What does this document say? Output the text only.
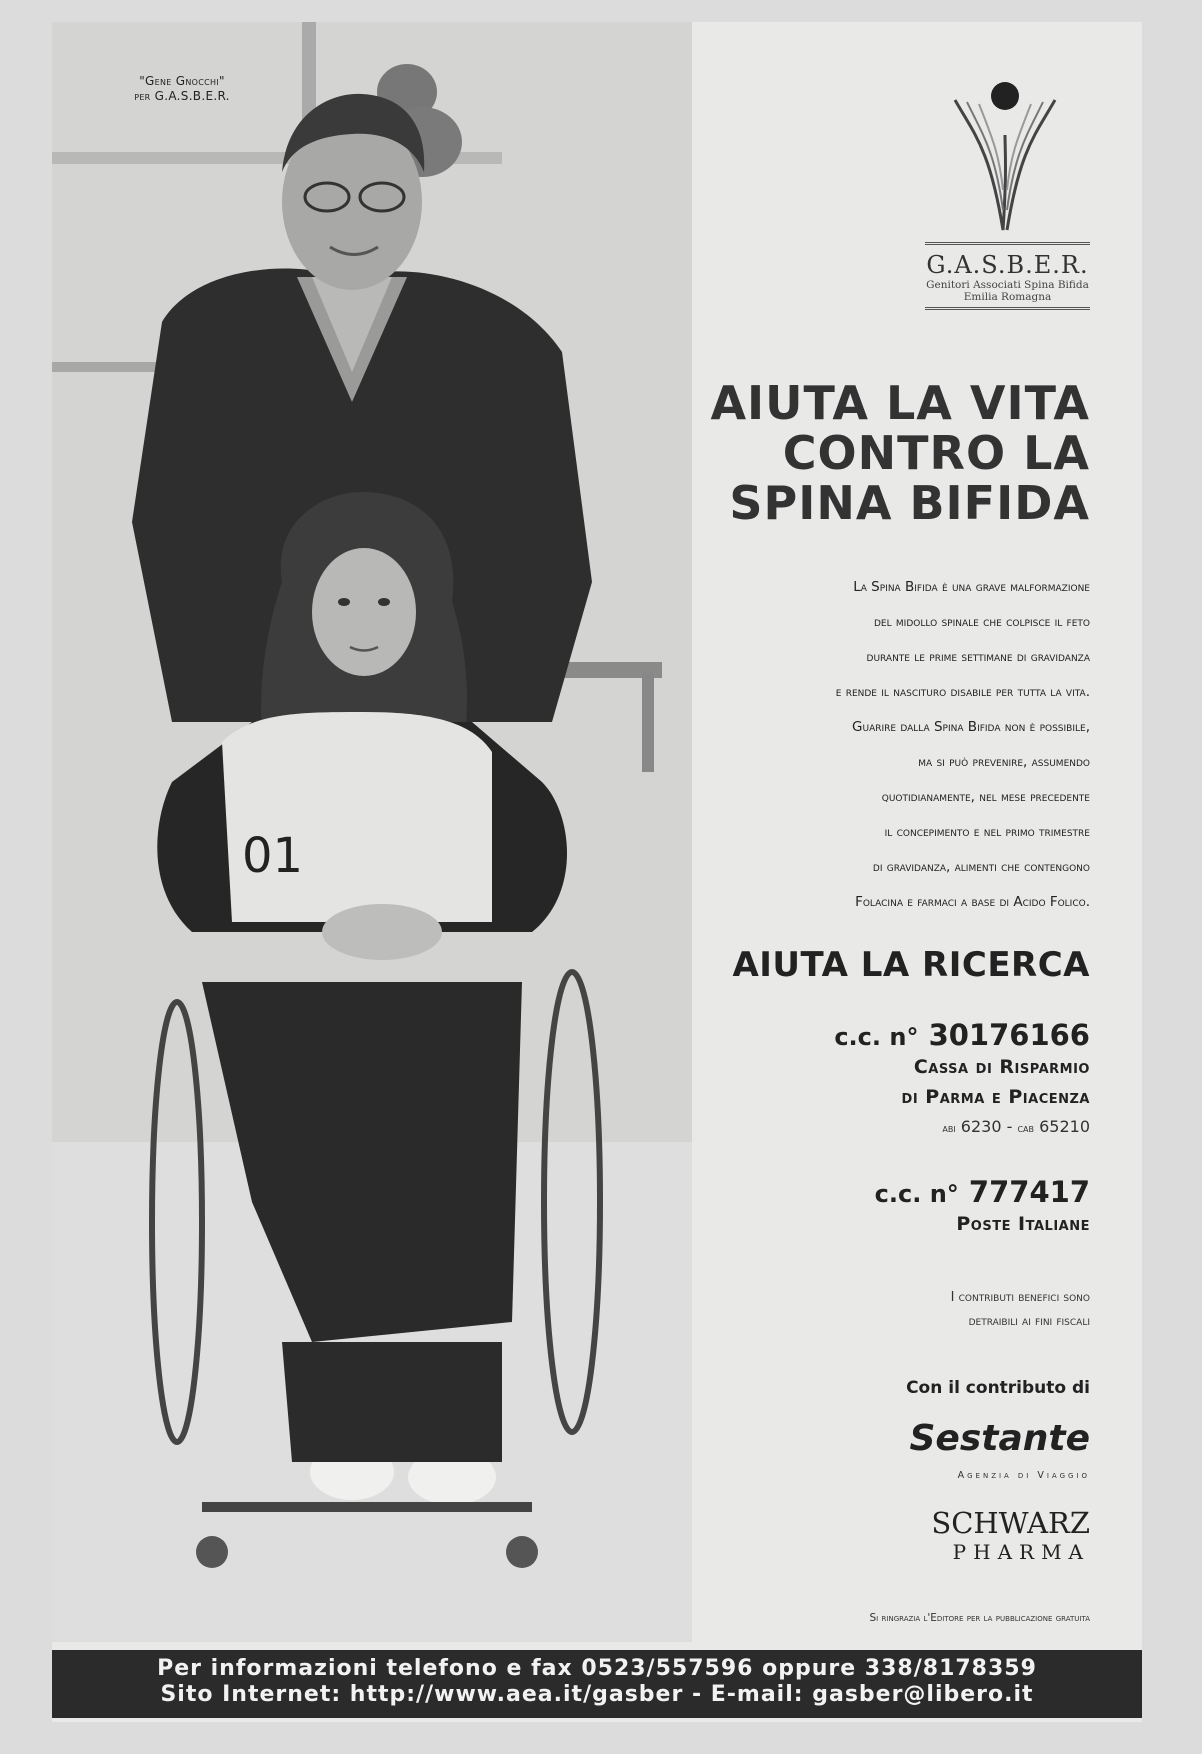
01
"Gene Gnocchi"
per G.A.S.B.E.R.
G.A.S.B.E.R.
Genitori Associati Spina Bifida
Emilia Romagna
AIUTA LA VITA
CONTRO LA
SPINA BIFIDA
La Spina Bifida è una grave malformazione
del midollo spinale che colpisce il feto
durante le prime settimane di gravidanza
e rende il nascituro disabile per tutta la vita.
Guarire dalla Spina Bifida non è possibile,
ma si può prevenire, assumendo
quotidianamente, nel mese precedente
il concepimento e nel primo trimestre
di gravidanza, alimenti che contengono
Folacina e farmaci a base di Acido Folico.
AIUTA LA RICERCA
c.c. n° 30176166
Cassa di Risparmio
di Parma e Piacenza
abi 6230 - cab 65210
c.c. n° 777417
Poste Italiane
I contributi benefici sono
detraibili ai fini fiscali
Con il contributo di
Sestante
Agenzia di Viaggio
SCHWARZ
PHARMA
Si ringrazia l'Editore per la pubblicazione gratuita
Per informazioni telefono e fax 0523/557596 oppure 338/8178359
Sito Internet: http://www.aea.it/gasber - E-mail: gasber@libero.it
